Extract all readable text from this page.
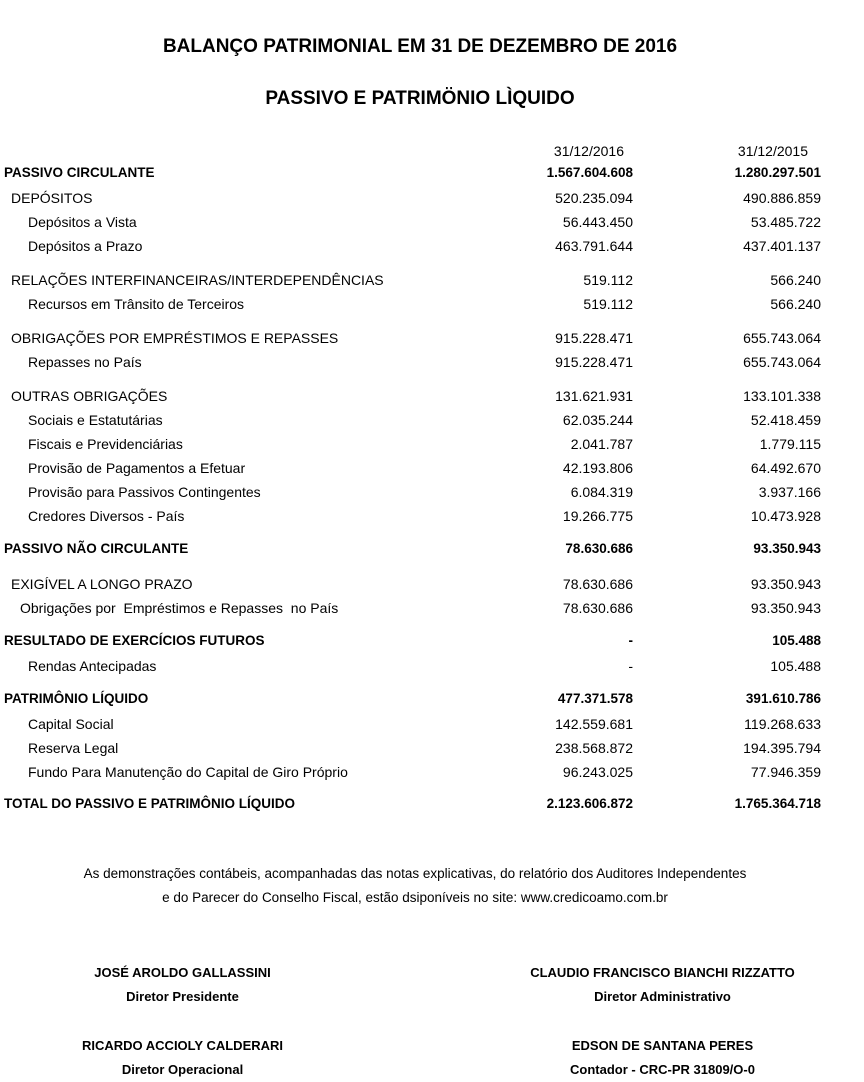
BALANÇO PATRIMONIAL EM 31 DE DEZEMBRO DE 2016
PASSIVO E PATRIMÖNIO LÌQUIDO
31/12/2016	31/12/2015
PASSIVO CIRCULANTE	1.567.604.608	1.280.297.501
DEPÓSITOS	520.235.094	490.886.859
Depósitos a Vista	56.443.450	53.485.722
Depósitos a Prazo	463.791.644	437.401.137
RELAÇÕES INTERFINANCEIRAS/INTERDEPENDÊNCIAS	519.112	566.240
Recursos em Trânsito de Terceiros	519.112	566.240
OBRIGAÇÕES POR EMPRÉSTIMOS E REPASSES	915.228.471	655.743.064
Repasses no País	915.228.471	655.743.064
OUTRAS OBRIGAÇÕES	131.621.931	133.101.338
Sociais e Estatutárias	62.035.244	52.418.459
Fiscais e Previdenciárias	2.041.787	1.779.115
Provisão de Pagamentos a Efetuar	42.193.806	64.492.670
Provisão para Passivos Contingentes	6.084.319	3.937.166
Credores Diversos - País	19.266.775	10.473.928
PASSIVO NÃO CIRCULANTE	78.630.686	93.350.943
EXIGÍVEL A LONGO PRAZO	78.630.686	93.350.943
Obrigações por  Empréstimos e Repasses  no País	78.630.686	93.350.943
RESULTADO DE EXERCÍCIOS FUTUROS	-	105.488
Rendas Antecipadas	-	105.488
PATRIMÔNIO LÍQUIDO	477.371.578	391.610.786
Capital Social	142.559.681	119.268.633
Reserva Legal	238.568.872	194.395.794
Fundo Para Manutenção do Capital de Giro Próprio	96.243.025	77.946.359
TOTAL DO PASSIVO E PATRIMÔNIO LÍQUIDO	2.123.606.872	1.765.364.718
As demonstrações contábeis, acompanhadas das notas explicativas, do relatório dos Auditores Independentes
e do Parecer do Conselho Fiscal, estão dsiponíveis no site: www.credicoamo.com.br
JOSÉ AROLDO GALLASSINI
Diretor Presidente
CLAUDIO FRANCISCO BIANCHI RIZZATTO
Diretor Administrativo
RICARDO ACCIOLY CALDERARI
Diretor Operacional
EDSON DE SANTANA PERES
Contador - CRC-PR 31809/O-0
